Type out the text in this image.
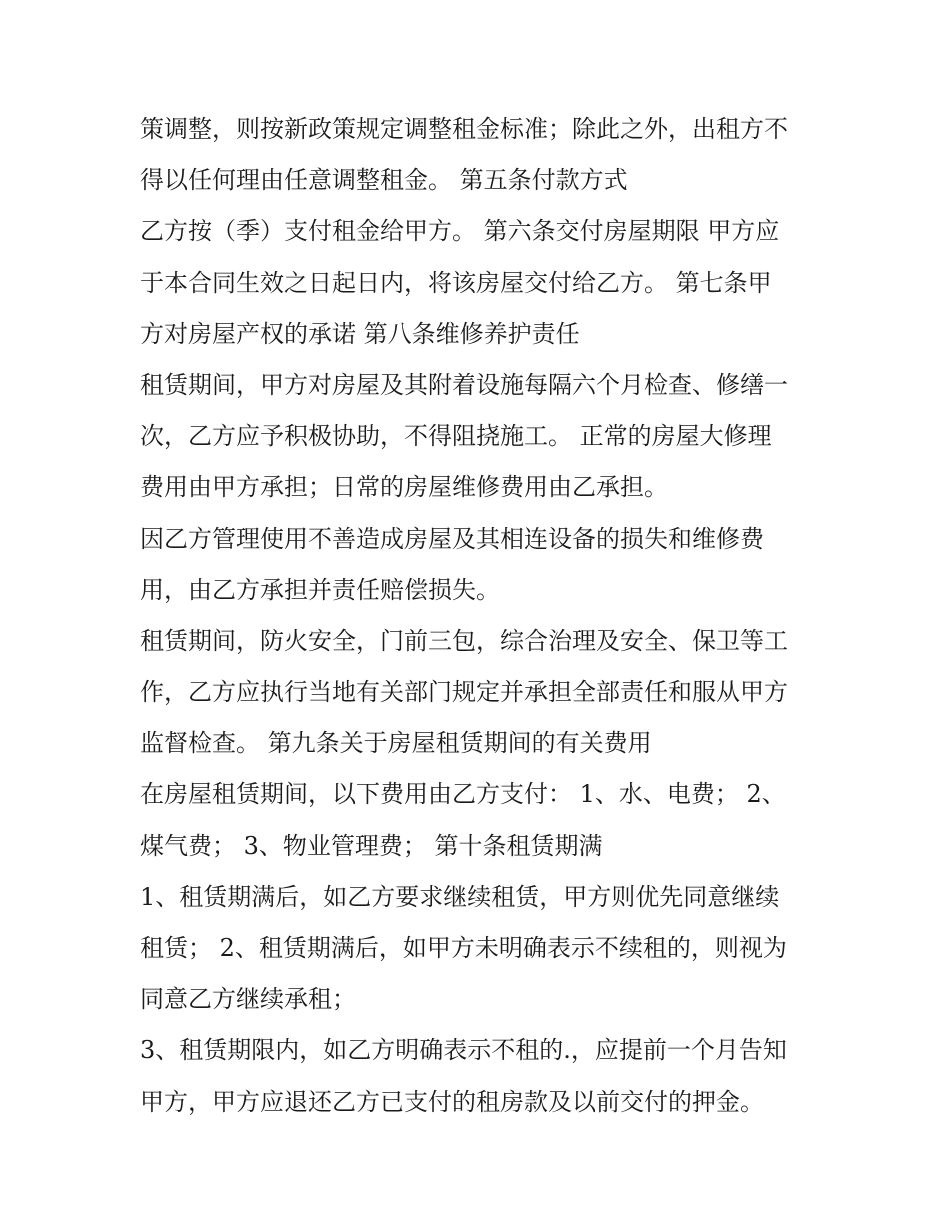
策调整，则按新政策规定调整租金标准；除此之外，出租方不
得以任何理由任意调整租金。 第五条付款方式
乙方按（季）支付租金给甲方。 第六条交付房屋期限 甲方应
于本合同生效之日起日内，将该房屋交付给乙方。 第七条甲
方对房屋产权的承诺 第八条维修养护责任
租赁期间，甲方对房屋及其附着设施每隔六个月检查、修缮一
次，乙方应予积极协助，不得阻挠施工。 正常的房屋大修理
费用由甲方承担；日常的房屋维修费用由乙承担。
因乙方管理使用不善造成房屋及其相连设备的损失和维修费
用，由乙方承担并责任赔偿损失。
租赁期间，防火安全，门前三包，综合治理及安全、保卫等工
作，乙方应执行当地有关部门规定并承担全部责任和服从甲方
监督检查。 第九条关于房屋租赁期间的有关费用
在房屋租赁期间，以下费用由乙方支付： 1、水、电费； 2、
煤气费； 3、物业管理费； 第十条租赁期满
1、租赁期满后，如乙方要求继续租赁，甲方则优先同意继续
租赁； 2、租赁期满后，如甲方未明确表示不续租的，则视为
同意乙方继续承租；
3、租赁期限内，如乙方明确表示不租的.，应提前一个月告知
甲方，甲方应退还乙方已支付的租房款及以前交付的押金。
